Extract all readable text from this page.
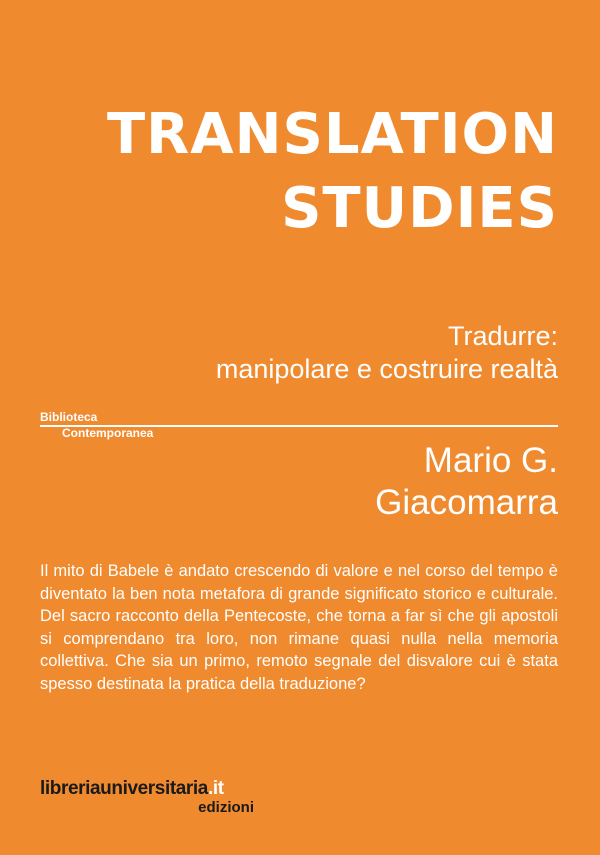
TRANSLATION
STUDIES
Tradurre:
manipolare e costruire realtà
Biblioteca
Contemporanea
Mario G.
Giacomarra

Il mito di Babele è andato crescendo di valore e nel corso del tempo è diventato la ben nota metafora di grande significato storico e culturale. Del sacro racconto della Pentecoste, che torna a far sì che gli apostoli si comprendano tra loro, non rimane quasi nulla nella memoria collettiva. Che sia un primo, remoto segnale del disvalore cui è stata spesso destinata la pratica della traduzione?

libreriauniversitaria.it
edizioni
